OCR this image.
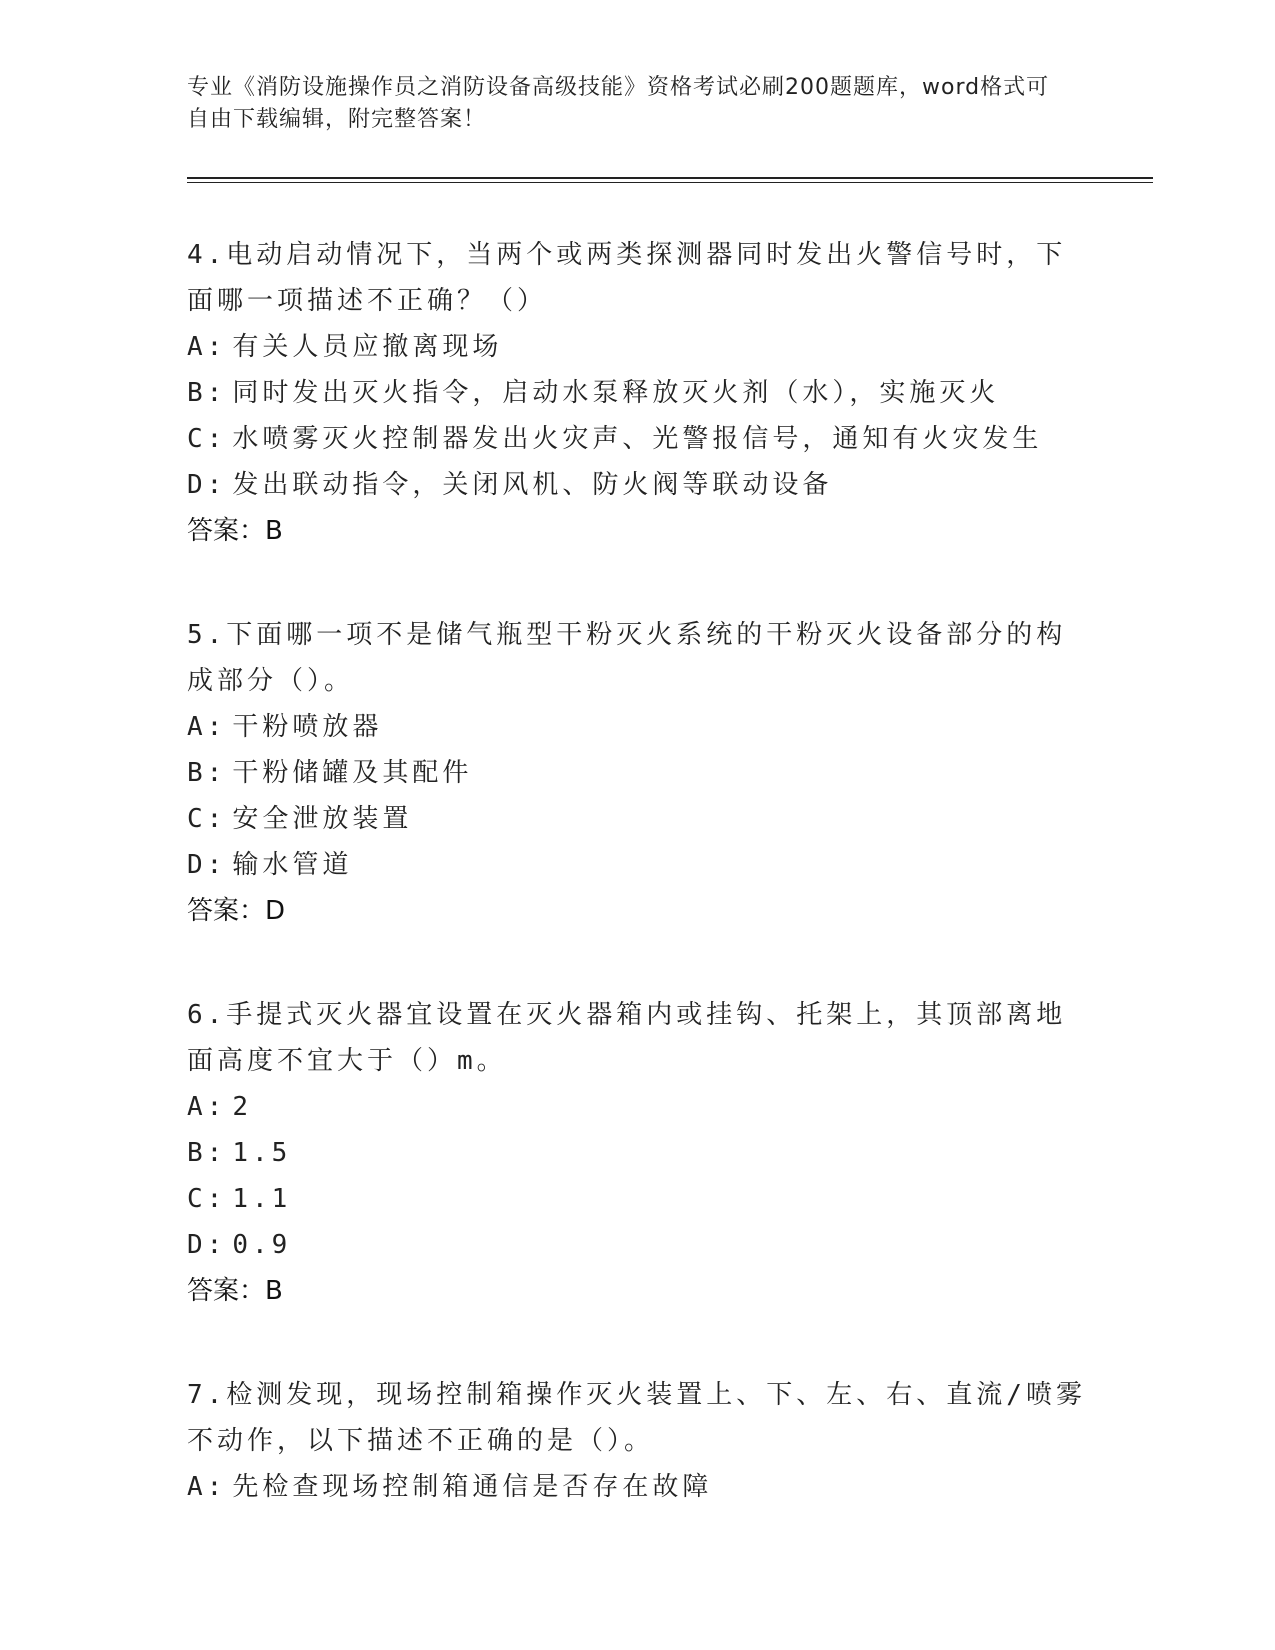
专业《消防设施操作员之消防设备高级技能》资格考试必刷200题题库，word格式可自由下载编辑，附完整答案！

4.电动启动情况下，当两个或两类探测器同时发出火警信号时，下面哪一项描述不正确？（）

A: 有关人员应撤离现场

B: 同时发出灭火指令，启动水泵释放灭火剂（水），实施灭火

C: 水喷雾灭火控制器发出火灾声、光警报信号，通知有火灾发生

D: 发出联动指令，关闭风机、防火阀等联动设备

答案：B

5.下面哪一项不是储气瓶型干粉灭火系统的干粉灭火设备部分的构成部分（）。

A: 干粉喷放器

B: 干粉储罐及其配件

C: 安全泄放装置

D: 输水管道

答案：D

6.手提式灭火器宜设置在灭火器箱内或挂钩、托架上，其顶部离地面高度不宜大于（）m。

A: 2

B: 1.5

C: 1.1

D: 0.9

答案：B

7.检测发现，现场控制箱操作灭火装置上、下、左、右、直流/喷雾不动作，以下描述不正确的是（）。

A: 先检查现场控制箱通信是否存在故障
